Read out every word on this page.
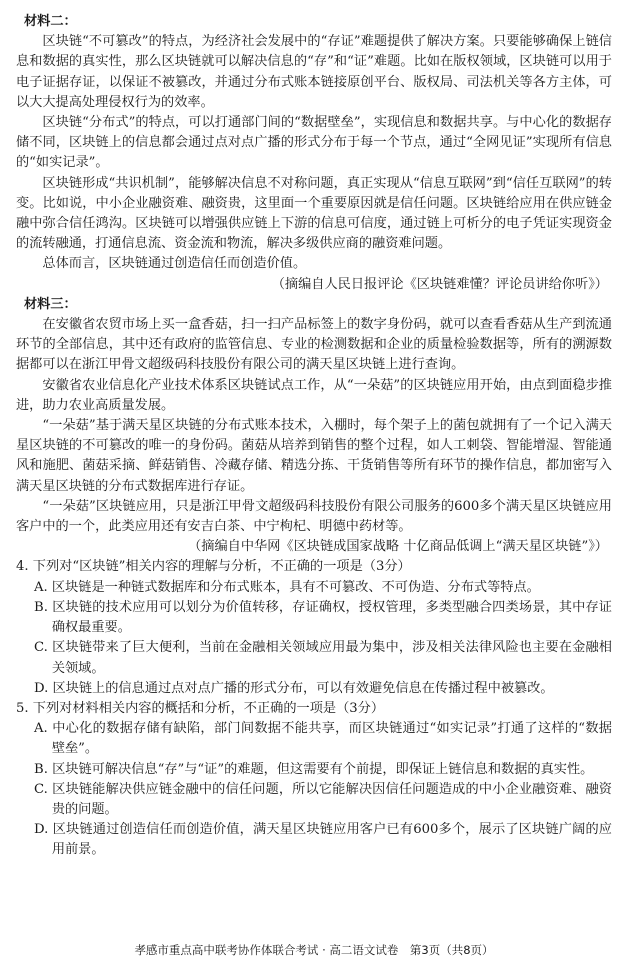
材料二：

区块链“不可篡改”的特点，为经济社会发展中的“存证”难题提供了解决方案。只要能够确保上链信息和数据的真实性，那么区块链就可以解决信息的“存”和“证”难题。比如在版权领域，区块链可以用于电子证据存证，以保证不被篡改，并通过分布式账本链接原创平台、版权局、司法机关等各方主体，可以大大提高处理侵权行为的效率。

区块链“分布式”的特点，可以打通部门间的“数据壁垒”，实现信息和数据共享。与中心化的数据存储不同，区块链上的信息都会通过点对点广播的形式分布于每一个节点，通过“全网见证”实现所有信息的“如实记录”。

区块链形成“共识机制”，能够解决信息不对称问题，真正实现从“信息互联网”到“信任互联网”的转变。比如说，中小企业融资难、融资贵，这里面一个重要原因就是信任问题。区块链给应用在供应链金融中弥合信任鸿沟。区块链可以增强供应链上下游的信息可信度，通过链上可析分的电子凭证实现资金的流转融通，打通信息流、资金流和物流，解决多级供应商的融资难问题。

总体而言，区块链通过创造信任而创造价值。

（摘编自人民日报评论《区块链难懂？评论员讲给你听》）

材料三：

在安徽省农贸市场上买一盒香菇，扫一扫产品标签上的数字身份码，就可以查看香菇从生产到流通环节的全部信息，其中还有政府的监管信息、专业的检测数据和企业的质量检验数据等，所有的溯源数据都可以在浙江甲骨文超级码科技股份有限公司的满天星区块链上进行查询。

安徽省农业信息化产业技术体系区块链试点工作，从“一朵菇”的区块链应用开始，由点到面稳步推进，助力农业高质量发展。

“一朵菇”基于满天星区块链的分布式账本技术，入棚时，每个架子上的菌包就拥有了一个记入满天星区块链的不可篡改的唯一的身份码。菌菇从培养到销售的整个过程，如人工刺袋、智能增湿、智能通风和施肥、菌菇采摘、鲜菇销售、冷藏存储、精选分拣、干货销售等所有环节的操作信息，都加密写入满天星区块链的分布式数据库进行存证。

“一朵菇”区块链应用，只是浙江甲骨文超级码科技股份有限公司服务的600多个满天星区块链应用客户中的一个，此类应用还有安吉白茶、中宁枸杞、明德中药材等。

（摘编自中华网《区块链成国家战略 十亿商品低调上“满天星区块链”》）

4. 下列对“区块链”相关内容的理解与分析，不正确的一项是（3分）

A. 区块链是一种链式数据库和分布式账本，具有不可篡改、不可伪造、分布式等特点。

B. 区块链的技术应用可以划分为价值转移，存证确权，授权管理，多类型融合四类场景，其中存证确权最重要。

C. 区块链带来了巨大便利，当前在金融相关领域应用最为集中，涉及相关法律风险也主要在金融相关领域。

D. 区块链上的信息通过点对点广播的形式分布，可以有效避免信息在传播过程中被篡改。

5. 下列对材料相关内容的概括和分析，不正确的一项是（3分）

A. 中心化的数据存储有缺陷，部门间数据不能共享，而区块链通过“如实记录”打通了这样的“数据壁垒”。

B. 区块链可解决信息“存”与“证”的难题，但这需要有个前提，即保证上链信息和数据的真实性。

C. 区块链能解决供应链金融中的信任问题，所以它能解决因信任问题造成的中小企业融资难、融资贵的问题。

D. 区块链通过创造信任而创造价值，满天星区块链应用客户已有600多个，展示了区块链广阔的应用前景。

孝感市重点高中联考协作体联合考试 · 高二语文试卷　第3页（共8页）
